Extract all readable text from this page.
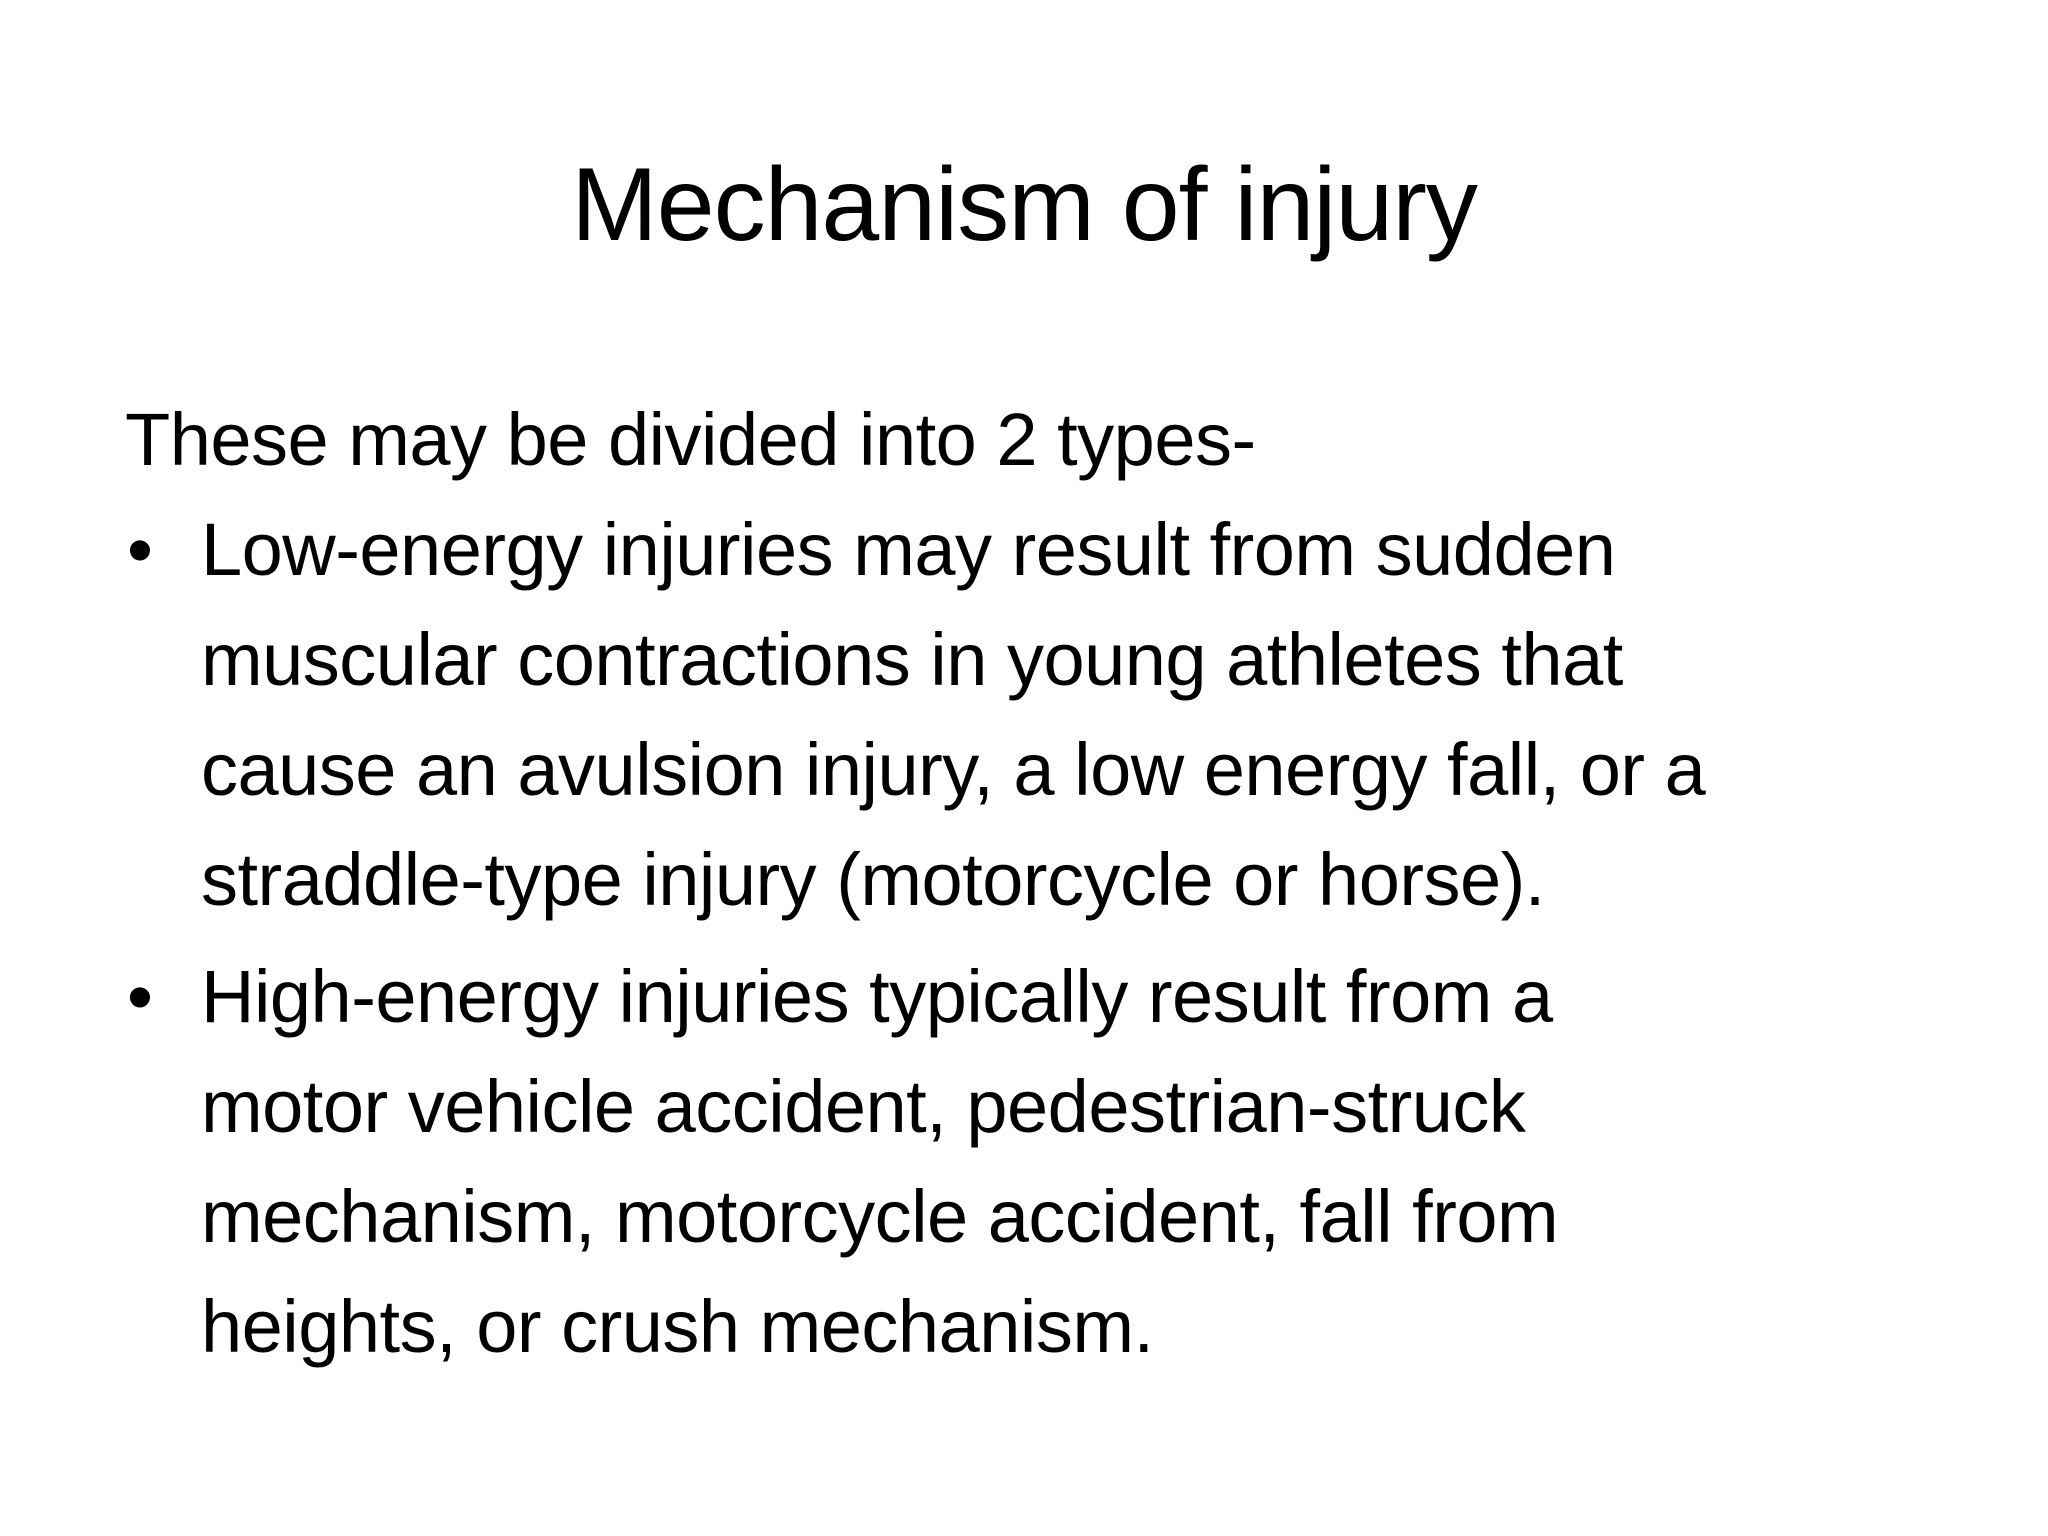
Mechanism of injury
These may be divided into 2 types-
• Low-energy injuries may result from sudden
muscular contractions in young athletes that
cause an avulsion injury, a low energy fall, or a
straddle-type injury (motorcycle or horse).
• High-energy injuries typically result from a
motor vehicle accident, pedestrian-struck
mechanism, motorcycle accident, fall from
heights, or crush mechanism.
